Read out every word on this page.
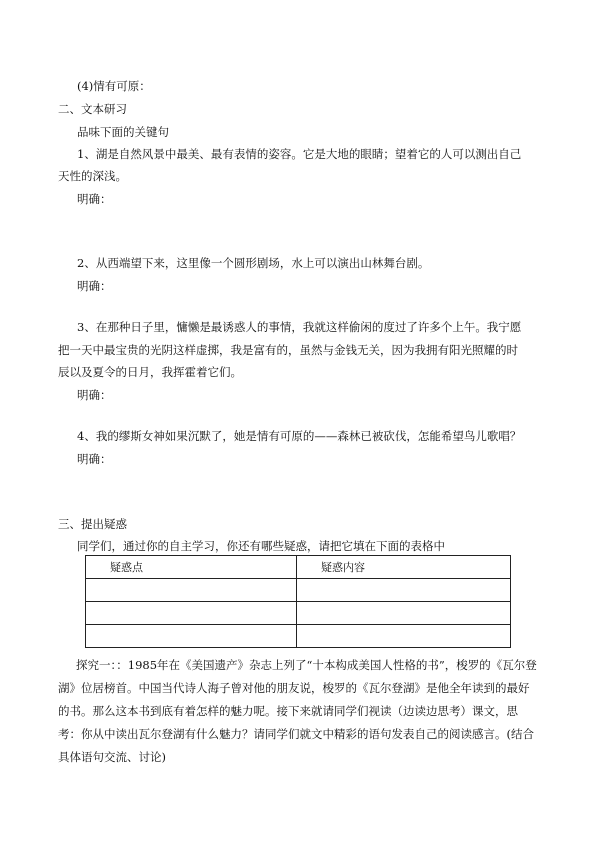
(4)情有可原：
二、文本研习
品味下面的关键句
1、湖是自然风景中最美、最有表情的姿容。它是大地的眼睛；望着它的人可以测出自己
天性的深浅。
明确：
2、从西端望下来，这里像一个圆形剧场，水上可以演出山林舞台剧。
明确：
3、在那种日子里，慵懒是最诱惑人的事情，我就这样偷闲的度过了许多个上午。我宁愿
把一天中最宝贵的光阴这样虚掷，我是富有的，虽然与金钱无关，因为我拥有阳光照耀的时
辰以及夏令的日月，我挥霍着它们。
明确：
4、我的缪斯女神如果沉默了，她是情有可原的——森林已被砍伐，怎能希望鸟儿歌唱？
明确：
三、提出疑惑
同学们，通过你的自主学习，你还有哪些疑惑，请把它填在下面的表格中
疑惑点	疑惑内容

探究一：：1985年在《美国遗产》杂志上列了“十本构成美国人性格的书”，梭罗的《瓦尔登湖》位居榜首。中国当代诗人海子曾对他的朋友说，梭罗的《瓦尔登湖》是他全年读到的最好的书。那么这本书到底有着怎样的魅力呢。接下来就请同学们视读（边读边思考）课文，思考：你从中读出瓦尔登湖有什么魅力？请同学们就文中精彩的语句发表自己的阅读感言。(结合具体语句交流、讨论)
